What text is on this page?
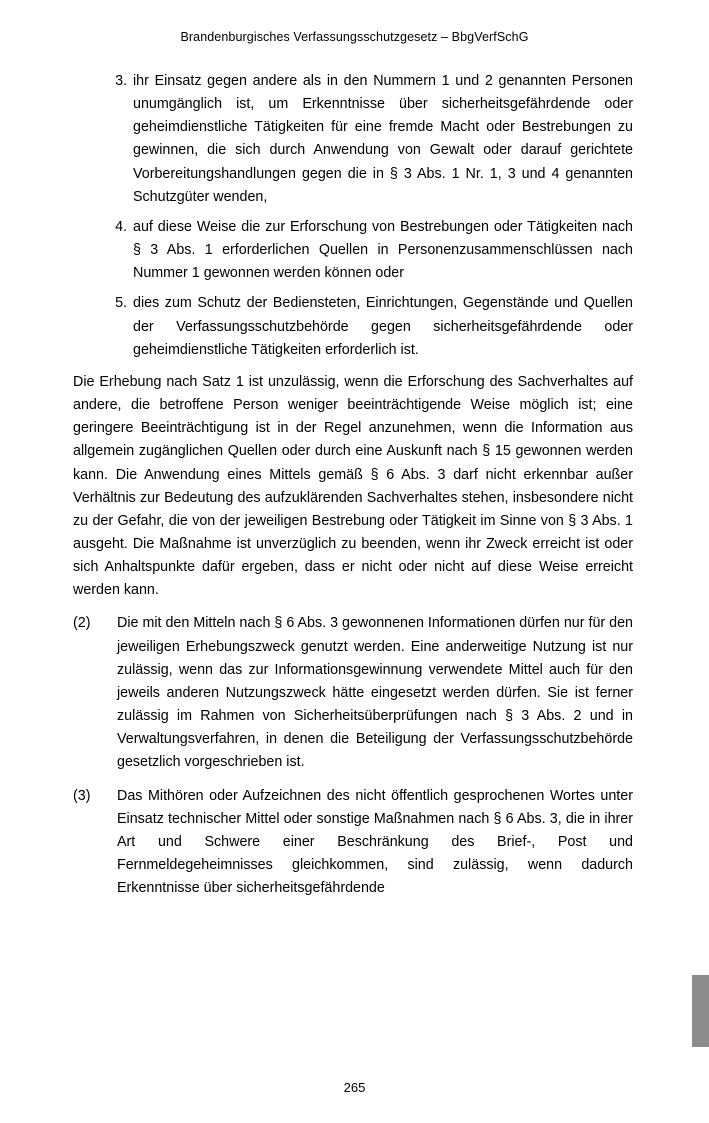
Brandenburgisches Verfassungsschutzgesetz – BbgVerfSchG
3. ihr Einsatz gegen andere als in den Nummern 1 und 2 genannten Personen unumgänglich ist, um Erkenntnisse über sicherheitsgefährdende oder geheimdienstliche Tätigkeiten für eine fremde Macht oder Bestrebungen zu gewinnen, die sich durch Anwendung von Gewalt oder darauf gerichtete Vorbereitungshandlungen gegen die in § 3 Abs. 1 Nr. 1, 3 und 4 genannten Schutzgüter wenden,
4. auf diese Weise die zur Erforschung von Bestrebungen oder Tätigkeiten nach § 3 Abs. 1 erforderlichen Quellen in Personenzusammenschlüssen nach Nummer 1 gewonnen werden können oder
5. dies zum Schutz der Bediensteten, Einrichtungen, Gegenstände und Quellen der Verfassungsschutzbehörde gegen sicherheitsgefährdende oder geheimdienstliche Tätigkeiten erforderlich ist.

Die Erhebung nach Satz 1 ist unzulässig, wenn die Erforschung des Sachverhaltes auf andere, die betroffene Person weniger beeinträchtigende Weise möglich ist; eine geringere Beeinträchtigung ist in der Regel anzunehmen, wenn die Information aus allgemein zugänglichen Quellen oder durch eine Auskunft nach § 15 gewonnen werden kann. Die Anwendung eines Mittels gemäß § 6 Abs. 3 darf nicht erkennbar außer Verhältnis zur Bedeutung des aufzuklärenden Sachverhaltes stehen, insbesondere nicht zu der Gefahr, die von der jeweiligen Bestrebung oder Tätigkeit im Sinne von § 3 Abs. 1 ausgeht. Die Maßnahme ist unverzüglich zu beenden, wenn ihr Zweck erreicht ist oder sich Anhaltspunkte dafür ergeben, dass er nicht oder nicht auf diese Weise erreicht werden kann.

(2)	Die mit den Mitteln nach § 6 Abs. 3 gewonnenen Informationen dürfen nur für den jeweiligen Erhebungszweck genutzt werden. Eine anderweitige Nutzung ist nur zulässig, wenn das zur Informationsgewinnung verwendete Mittel auch für den jeweils anderen Nutzungszweck hätte eingesetzt werden dürfen. Sie ist ferner zulässig im Rahmen von Sicherheitsüberprüfungen nach § 3 Abs. 2 und in Verwaltungsverfahren, in denen die Beteiligung der Verfassungsschutzbehörde gesetzlich vorgeschrieben ist.
(3)	Das Mithören oder Aufzeichnen des nicht öffentlich gesprochenen Wortes unter Einsatz technischer Mittel oder sonstige Maßnahmen nach § 6 Abs. 3, die in ihrer Art und Schwere einer Beschränkung des Brief-, Post und Fernmeldegeheimnisses gleichkommen, sind zulässig, wenn dadurch Erkenntnisse über sicherheitsgefährdende
265
